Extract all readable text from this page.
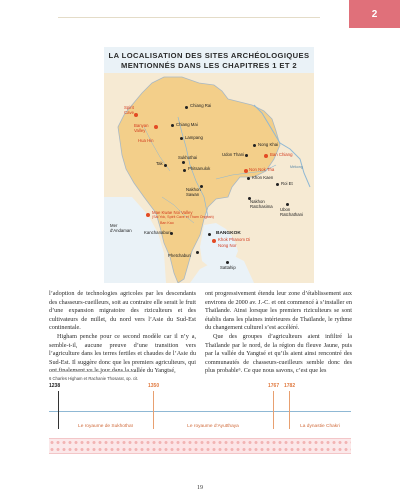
2
LA LOCALISATION DES SITES ARCHÉOLOGIQUES
MENTIONNÉS DANS LES CHAPITRES 1 ET 2
Chiang Rai
Chiang Mai
Lampang
Spirit
Cave
Banyan
Valley
Hua Hin
Nong Khai
Udon Thani	Ban Chiang
Sukhothai
Phitsanulok
Tak
Non Nok Tha
Khon Kaen
Roi Et
Nakhon
Sawan
Nakhon
Ratchasima
Ubon
Ratchathani
Mae Kwae Noi Valley
(Sai Yok, Spirit Cave et Tham Ongbah)
Kanchanaburi	BANGKOK
Khok Phanom Di
Nong Nor
Phetchaburi
Sattahip
Mer
d'Andaman
Ban Kao
Mékong

l’adoption de technologies agricoles par les descendants des chasseurs-cueilleurs, soit au contraire elle serait le fruit d’une expansion migratoire des riziculteurs et des cultivateurs de millet, du nord vers l’Asie du Sud-Est continentale.

Higham penche pour ce second modèle car il n’y a, semble-t-il, aucune preuve d’une transition vers l’agriculture dans les terres fertiles et chaudes de l’Asie du Sud-Est. Il suggère donc que les premiers agriculteurs, qui ont finalement vu le jour dans la vallée du Yangtsé,

ont progressivement étendu leur zone d’établissement aux environs de 2000 av. J.-C. et ont commencé à s’installer en Thaïlande. Ainsi lorsque les premiers riziculteurs se sont établis dans les plaines intérieures de Thaïlande, le rythme du changement culturel s’est accéléré.

Que des groupes d’agriculteurs aient infiltré la Thaïlande par le nord, de la région du fleuve Jaune, puis par la vallée du Yangtsé et qu’ils aient ainsi rencontré des communautés de chasseurs-cueilleurs semble donc des plus probable⁶. Ce que nous savons, c’est que les

6 Charles Higham et Rachanie Thosarat, op. cit.
1238	1350	1767 1782
Le royaume de Sukhothaï	Le royaume d’Ayutthaya	La dynastie Chakri
19
